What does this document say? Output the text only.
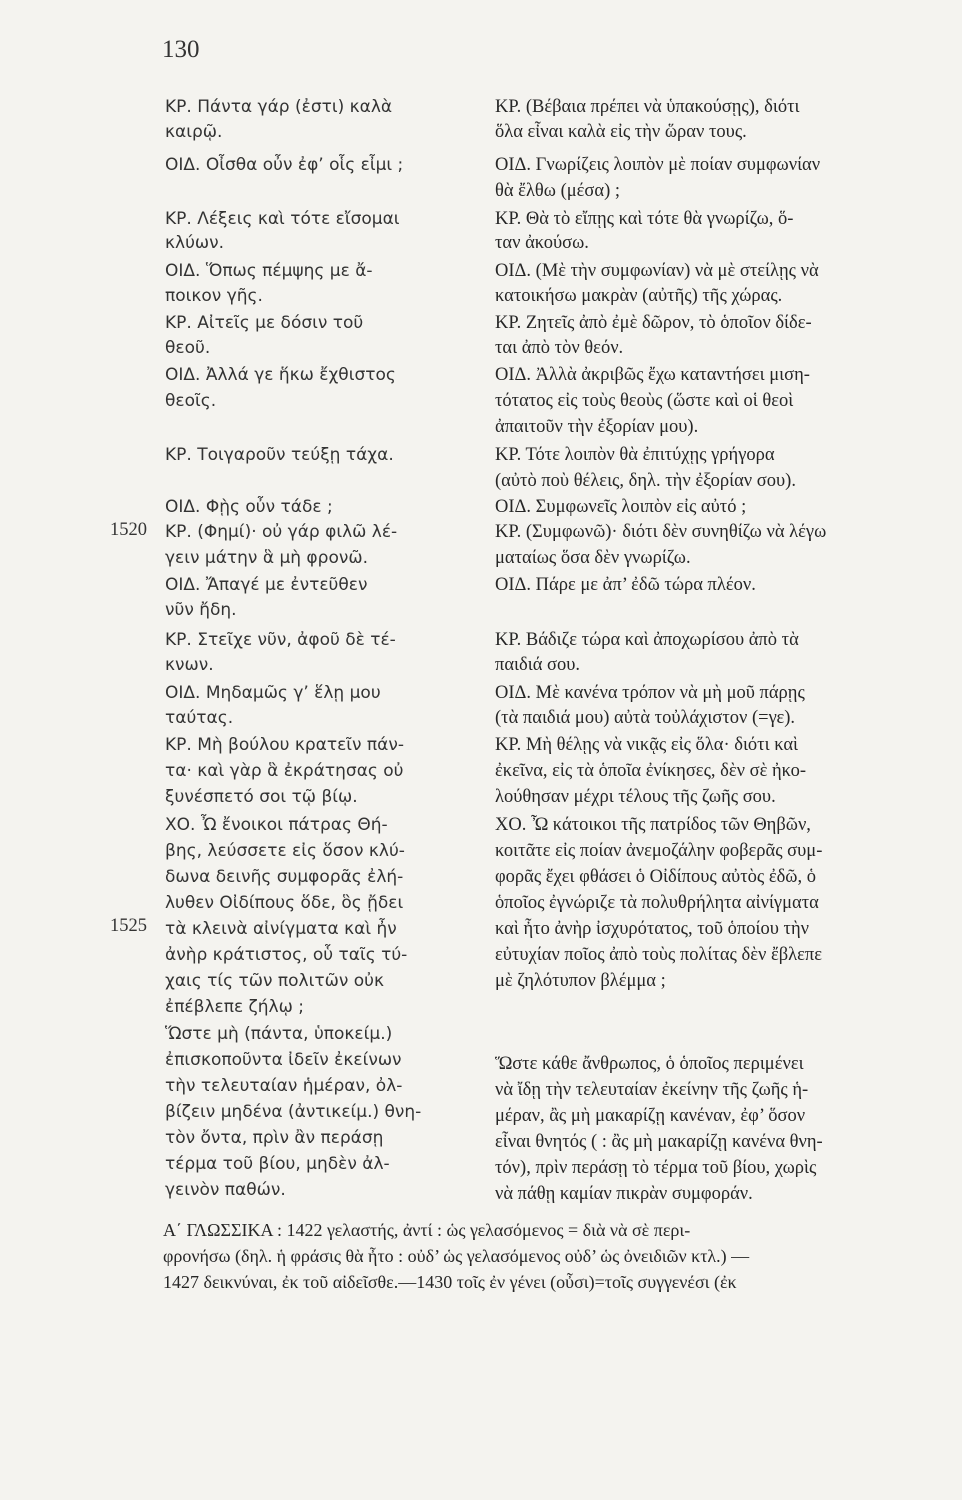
130
ΚΡ. Πάντα γάρ (ἐστι) καλὰ
καιρῷ.
ΟΙΔ. Οἶσθα οὖν ἐφ’ οἷς εἶμι ;
ΚΡ. Λέξεις καὶ τότε εἴσομαι
κλύων.
ΟΙΔ. Ὅπως πέμψης με ἄ-
ποικον γῆς.
ΚΡ. Αἰτεῖς με δόσιν τοῦ
θεοῦ.
ΟΙΔ. Ἀλλά γε ἥκω ἔχθιστος
θεοῖς.
ΚΡ. Τοιγαροῦν τεύξῃ τάχα.
ΟΙΔ. Φῂς οὖν τάδε ;
ΚΡ. (Φημί)· οὐ γάρ φιλῶ λέ-
γειν μάτην ἃ μὴ φρονῶ.
ΟΙΔ. Ἄπαγέ με ἐντεῦθεν
νῦν ἤδη.
ΚΡ. Στεῖχε νῦν, ἀφοῦ δὲ τέ-
κνων.
ΟΙΔ. Μηδαμῶς γ’ ἕλῃ μου
ταύτας.
ΚΡ. Μὴ βούλου κρατεῖν πάν-
τα· καὶ γὰρ ἃ ἐκράτησας οὐ
ξυνέσπετό σοι τῷ βίῳ.
ΧΟ. Ὦ ἔνοικοι πάτρας Θή-
βης, λεύσσετε εἰς ὅσον κλύ-
δωνα δεινῆς συμφορᾶς ἐλή-
λυθεν Οἰδίπους ὅδε, ὃς ᾔδει
τὰ κλεινὰ αἰνίγματα καὶ ἦν
ἀνὴρ κράτιστος, οὗ ταῖς τύ-
χαις τίς τῶν πολιτῶν οὐκ
ἐπέβλεπε ζήλῳ ;
Ὥστε μὴ (πάντα, ὑποκείμ.)
ἐπισκοποῦντα ἰδεῖν ἐκείνων
τὴν τελευταίαν ἡμέραν, ὀλ-
βίζειν μηδένα (ἀντικείμ.) θνη-
τὸν ὄντα, πρὶν ἂν περάσῃ
τέρμα τοῦ βίου, μηδὲν ἀλ-
γεινὸν παθών.
1520
1525
ΚΡ. (Βέβαια πρέπει νὰ ὑπακούσῃς), διότι
ὅλα εἶναι καλὰ εἰς τὴν ὥραν τους.
ΟΙΔ. Γνωρίζεις λοιπὸν μὲ ποίαν συμφωνίαν
θὰ ἔλθω (μέσα) ;
ΚΡ. Θὰ τὸ εἴπῃς καὶ τότε θὰ γνωρίζω, ὅ-
ταν ἀκούσω.
ΟΙΔ. (Μὲ τὴν συμφωνίαν) νὰ μὲ στείλῃς νὰ
κατοικήσω μακρὰν (αὐτῆς) τῆς χώρας.
ΚΡ. Ζητεῖς ἀπὸ ἐμὲ δῶρον, τὸ ὁποῖον δίδε-
ται ἀπὸ τὸν θεόν.
ΟΙΔ. Ἀλλὰ ἀκριβῶς ἔχω καταντήσει μιση-
τότατος εἰς τοὺς θεοὺς (ὥστε καὶ οἱ θεοὶ
ἀπαιτοῦν τὴν ἐξορίαν μου).
ΚΡ. Τότε λοιπὸν θὰ ἐπιτύχῃς γρήγορα
(αὐτὸ ποὺ θέλεις, δηλ. τὴν ἐξορίαν σου).
ΟΙΔ. Συμφωνεῖς λοιπὸν εἰς αὐτό ;
ΚΡ. (Συμφωνῶ)· διότι δὲν συνηθίζω νὰ λέγω
ματαίως ὅσα δὲν γνωρίζω.
ΟΙΔ. Πάρε με ἀπ’ ἐδῶ τώρα πλέον.
ΚΡ. Βάδιζε τώρα καὶ ἀποχωρίσου ἀπὸ τὰ
παιδιά σου.
ΟΙΔ. Μὲ κανένα τρόπον νὰ μὴ μοῦ πάρῃς
(τὰ παιδιά μου) αὐτὰ τοὐλάχιστον (=γε).
ΚΡ. Μὴ θέλῃς νὰ νικᾷς εἰς ὅλα· διότι καὶ
ἐκεῖνα, εἰς τὰ ὁποῖα ἐνίκησες, δὲν σὲ ἠκο-
λούθησαν μέχρι τέλους τῆς ζωῆς σου.
ΧΟ. Ὦ κάτοικοι τῆς πατρίδος τῶν Θηβῶν,
κοιτᾶτε εἰς ποίαν ἀνεμοζάλην φοβερᾶς συμ-
φορᾶς ἔχει φθάσει ὁ Οἰδίπους αὐτὸς ἐδῶ, ὁ
ὁποῖος ἐγνώριζε τὰ πολυθρήλητα αἰνίγματα
καὶ ἦτο ἀνὴρ ἰσχυρότατος, τοῦ ὁποίου τὴν
εὐτυχίαν ποῖος ἀπὸ τοὺς πολίτας δὲν ἔβλεπε
μὲ ζηλότυπον βλέμμα ;
Ὥστε κάθε ἄνθρωπος, ὁ ὁποῖος περιμένει
νὰ ἴδῃ τὴν τελευταίαν ἐκείνην τῆς ζωῆς ἡ-
μέραν, ἂς μὴ μακαρίζῃ κανέναν, ἐφ’ ὅσον
εἶναι θνητός ( : ἂς μὴ μακαρίζῃ κανένα θνη-
τόν), πρὶν περάσῃ τὸ τέρμα τοῦ βίου, χωρὶς
νὰ πάθῃ καμίαν πικρὰν συμφοράν.
Α΄ ΓΛΩΣΣΙΚΑ : 1422 γελαστής, ἀντί : ὡς γελασόμενος = διὰ νὰ σὲ περι-
φρονήσω (δηλ. ἡ φράσις θὰ ἦτο : οὐδ’ ὡς γελασόμενος οὐδ’ ὡς ὀνειδιῶν κτλ.) —
1427 δεικνύναι, ἐκ τοῦ αἰδεῖσθε.—1430 τοῖς ἐν γένει (οὖσι)=τοῖς συγγενέσι (ἐκ
